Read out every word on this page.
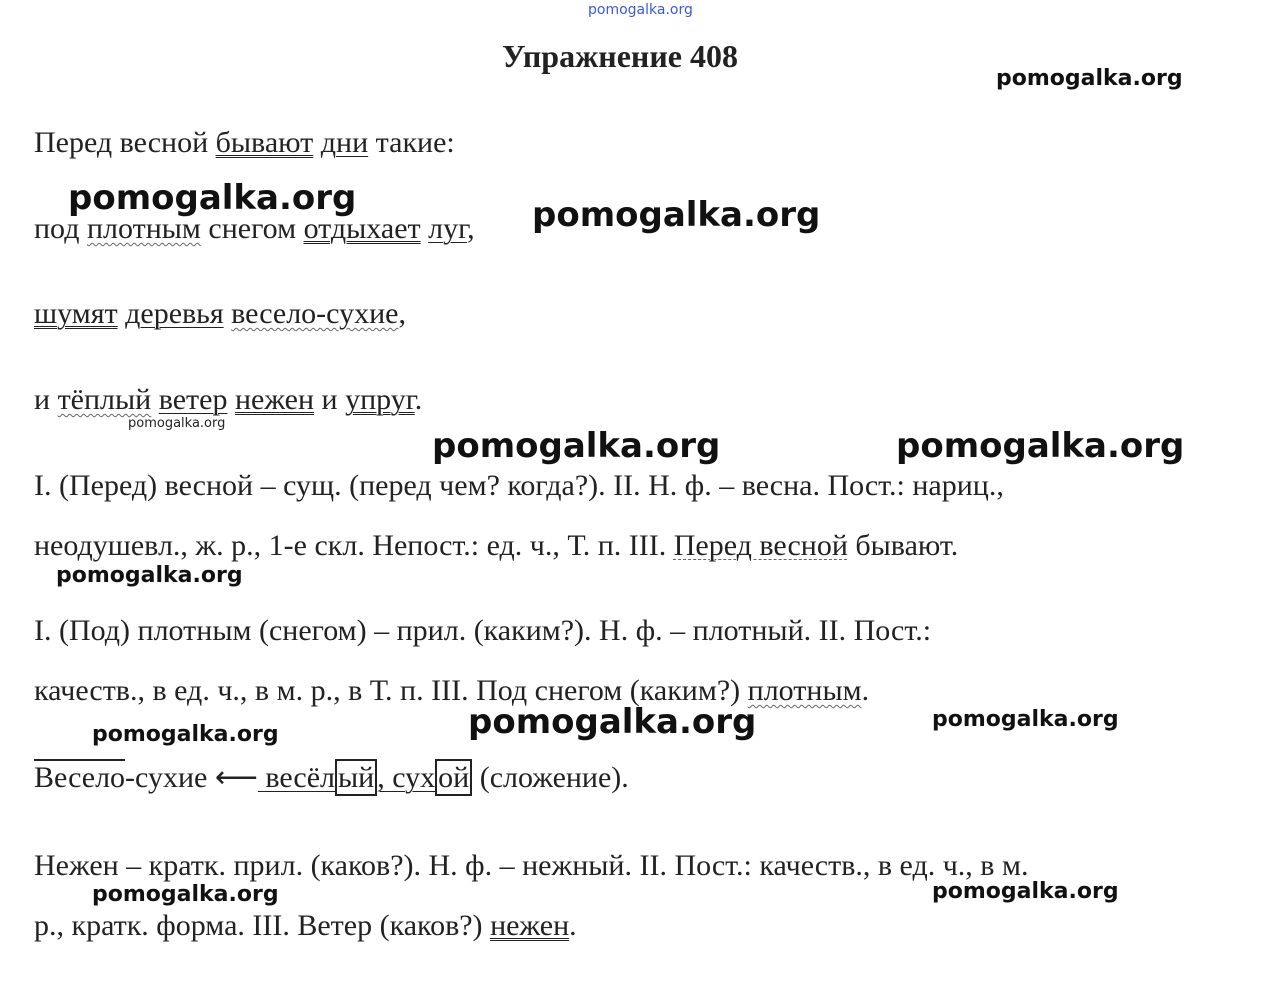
pomogalka.org
Упражнение 408
Перед весной бывают дни такие:
под плотным снегом отдыхает луг,
шумят деревья весело-сухие,
и тёплый ветер нежен и упруг.
I. (Перед) весной – сущ. (перед чем? когда?). II. Н. ф. – весна. Пост.: нариц.,
неодушевл., ж. р., 1-е скл. Непост.: ед. ч., Т. п. III. Перед весной бывают.
I. (Под) плотным (снегом) – прил. (каким?). Н. ф. – плотный. II. Пост.:
качеств., в ед. ч., в м. р., в Т. п. III. Под снегом (каким?) плотным.
Весело-сухие ⟵ весёл ый , сух ой (сложение).
Нежен – кратк. прил. (каков?). Н. ф. – нежный. II. Пост.: качеств., в ед. ч., в м.
р., кратк. форма. III. Ветер (каков?) нежен.
pomogalka.org
pomogalka.org	pomogalka.org
pomogalka.org
pomogalka.org	pomogalka.org
pomogalka.org
pomogalka.org	pomogalka.org
pomogalka.org
pomogalka.org
pomogalka.org
